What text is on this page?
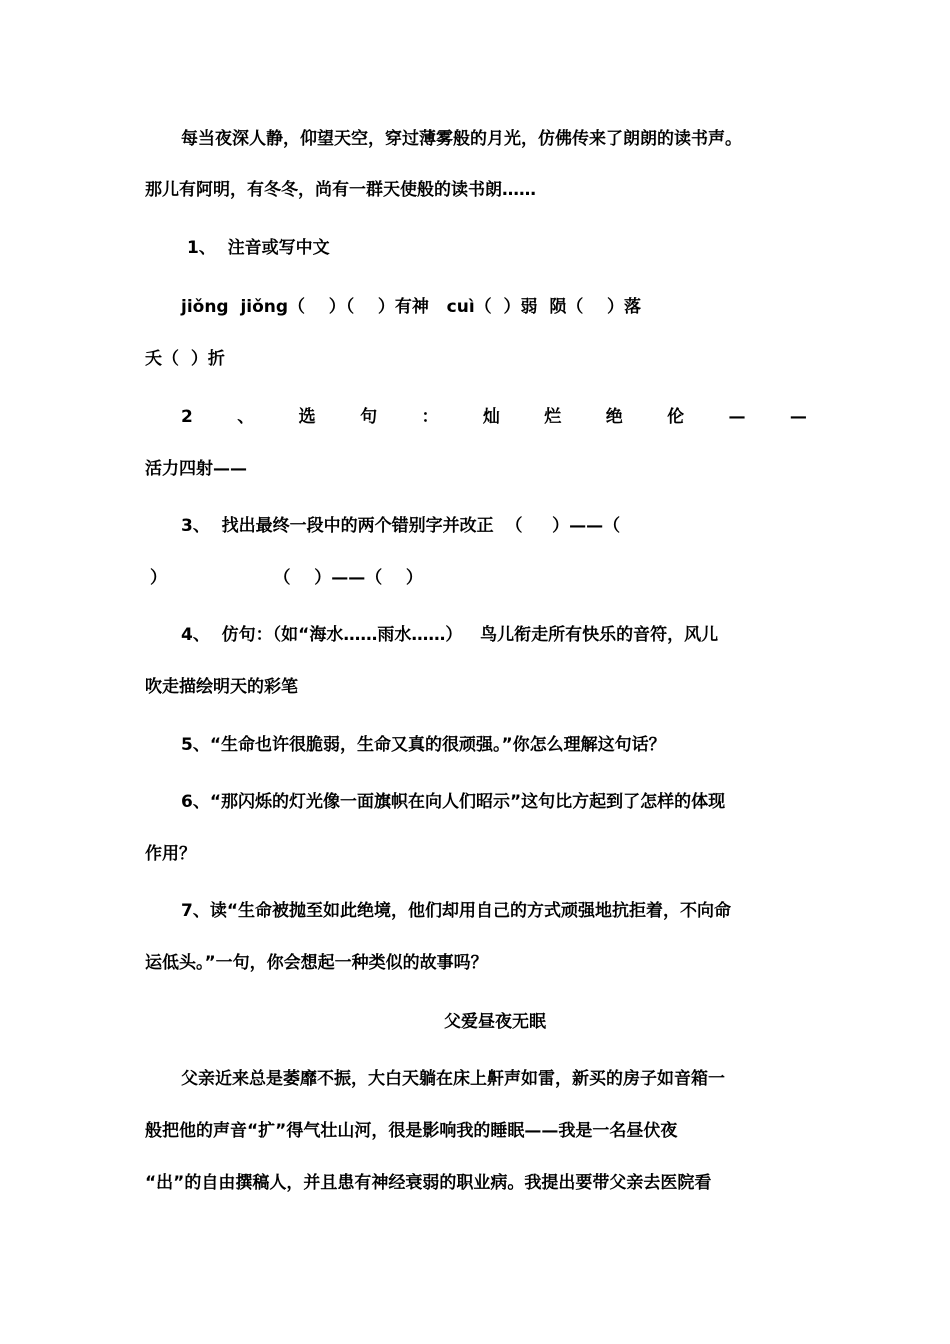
每当夜深人静，仰望天空，穿过薄雾般的月光，仿佛传来了朗朗的读书声。
那儿有阿明，有冬冬，尚有一群天使般的读书朗……
1、  注音或写中文
jiǒng  jiǒng（    ）（    ）有神   cuì（  ）弱  陨（    ）落
夭（  ）折
2	、	选	句	：	灿	烂	绝	伦	—	—
活力四射——
3、  找出最终一段中的两个错别字并改正  （     ）——（
）                  （    ）——（    ）
4、  仿句：（如“海水……雨水……）   鸟儿衔走所有快乐的音符，风儿
吹走描绘明天的彩笔
5、“生命也许很脆弱，生命又真的很顽强。”你怎么理解这句话？
6、“那闪烁的灯光像一面旗帜在向人们昭示”这句比方起到了怎样的体现
作用？
7、读“生命被抛至如此绝境，他们却用自己的方式顽强地抗拒着，不向命
运低头。”一句，你会想起一种类似的故事吗？
父爱昼夜无眠
父亲近来总是萎靡不振，大白天躺在床上鼾声如雷，新买的房子如音箱一
般把他的声音“扩”得气壮山河，很是影响我的睡眠——我是一名昼伏夜
“出”的自由撰稿人，并且患有神经衰弱的职业病。我提出要带父亲去医院看
